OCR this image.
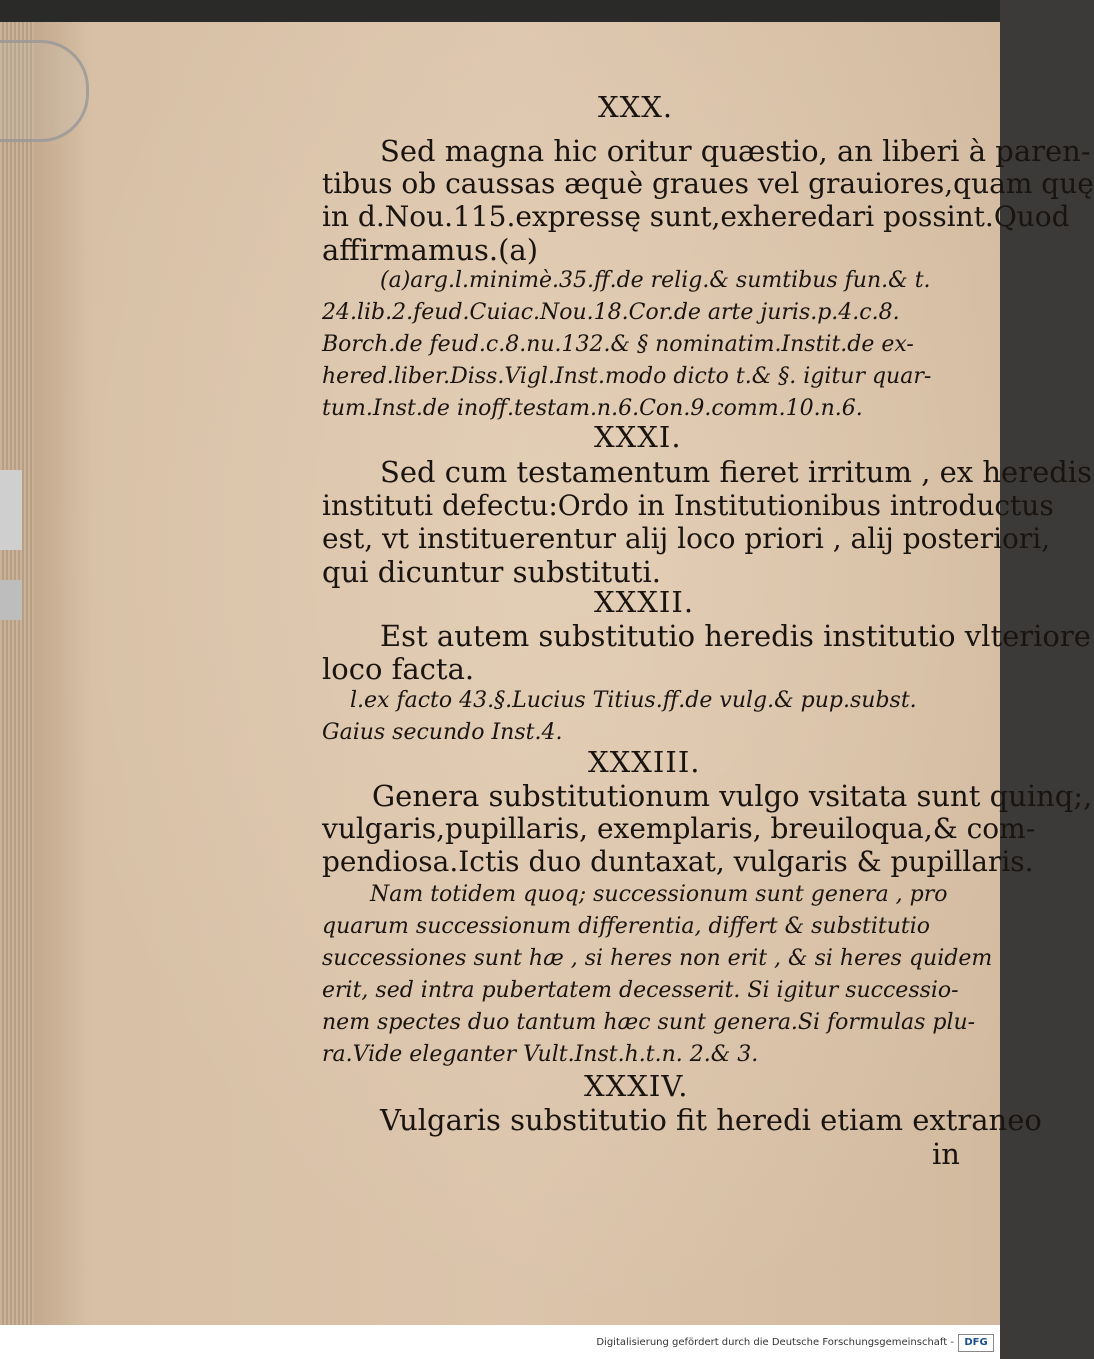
XXX.
Sed magna hic oritur quæstio, an liberi à paren-
tibus ob caussas æquè graues vel grauiores,quam quę
in d.Nou.115.expressę sunt,exheredari possint.Quod
affirmamus.(a)
(a)arg.l.minimè.35.ff.de relig.& sumtibus fun.& t.
24.lib.2.feud.Cuiac.Nou.18.Cor.de arte juris.p.4.c.8.
Borch.de feud.c.8.nu.132.& § nominatim.Instit.de ex-
hered.liber.Diss.Vigl.Inst.modo dicto t.& §. igitur quar-
tum.Inst.de inoff.testam.n.6.Con.9.comm.10.n.6.
XXXI.
Sed cum testamentum fieret irritum , ex heredis
instituti defectu:Ordo in Institutionibus introductus
est, vt instituerentur alij loco priori , alij posteriori,
qui dicuntur substituti.
XXXII.
Est autem substitutio heredis institutio vlteriore
loco facta.
l.ex facto 43.§.Lucius Titius.ff.de vulg.& pup.subst.
Gaius secundo Inst.4.
XXXIII.
Genera substitutionum vulgo vsitata sunt quinq;,
vulgaris,pupillaris, exemplaris, breuiloqua,& com-
pendiosa.Ictis duo duntaxat, vulgaris & pupillaris.
Nam totidem quoq; successionum sunt genera , pro
quarum successionum differentia, differt & substitutio
successiones sunt hæ , si heres non erit , & si heres quidem
erit, sed intra pubertatem decesserit. Si igitur successio-
nem spectes duo tantum hæc sunt genera.Si formulas plu-
ra.Vide eleganter Vult.Inst.h.t.n. 2.& 3.
XXXIV.
Vulgaris substitutio fit heredi etiam extraneo
in
Digitalisierung gefördert durch die Deutsche Forschungsgemeinschaft -	DFG
